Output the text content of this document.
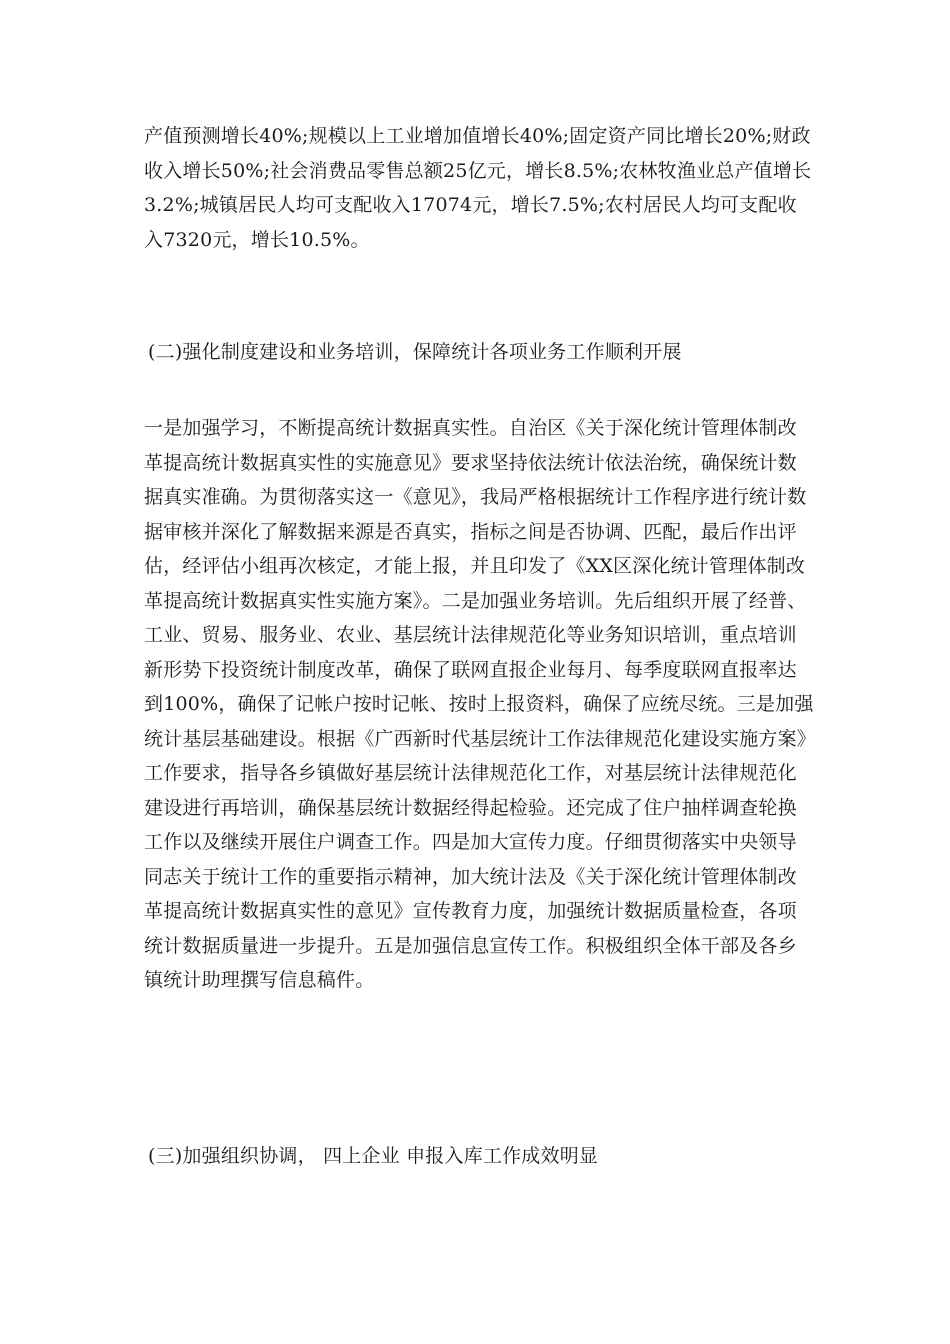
产值预测增长40%;规模以上工业增加值增长40%;固定资产同比增长20%;财政收入增长50%;社会消费品零售总额25亿元，增长8.5%;农林牧渔业总产值增长3.2%;城镇居民人均可支配收入17074元，增长7.5%;农村居民人均可支配收入7320元，增长10.5%。

(二)强化制度建设和业务培训，保障统计各项业务工作顺利开展

一是加强学习，不断提高统计数据真实性。自治区《关于深化统计管理体制改革提高统计数据真实性的实施意见》要求坚持依法统计依法治统，确保统计数据真实准确。为贯彻落实这一《意见》，我局严格根据统计工作程序进行统计数据审核并深化了解数据来源是否真实，指标之间是否协调、匹配，最后作出评估，经评估小组再次核定，才能上报，并且印发了《XX区深化统计管理体制改革提高统计数据真实性实施方案》。二是加强业务培训。先后组织开展了经普、工业、贸易、服务业、农业、基层统计法律规范化等业务知识培训，重点培训新形势下投资统计制度改革，确保了联网直报企业每月、每季度联网直报率达到100%，确保了记帐户按时记帐、按时上报资料，确保了应统尽统。三是加强统计基层基础建设。根据《广西新时代基层统计工作法律规范化建设实施方案》工作要求，指导各乡镇做好基层统计法律规范化工作，对基层统计法律规范化建设进行再培训，确保基层统计数据经得起检验。还完成了住户抽样调查轮换工作以及继续开展住户调查工作。四是加大宣传力度。仔细贯彻落实中央领导同志关于统计工作的重要指示精神，加大统计法及《关于深化统计管理体制改革提高统计数据真实性的意见》宣传教育力度，加强统计数据质量检查，各项统计数据质量进一步提升。五是加强信息宣传工作。积极组织全体干部及各乡镇统计助理撰写信息稿件。

(三)加强组织协调， 四上企业 申报入库工作成效明显
